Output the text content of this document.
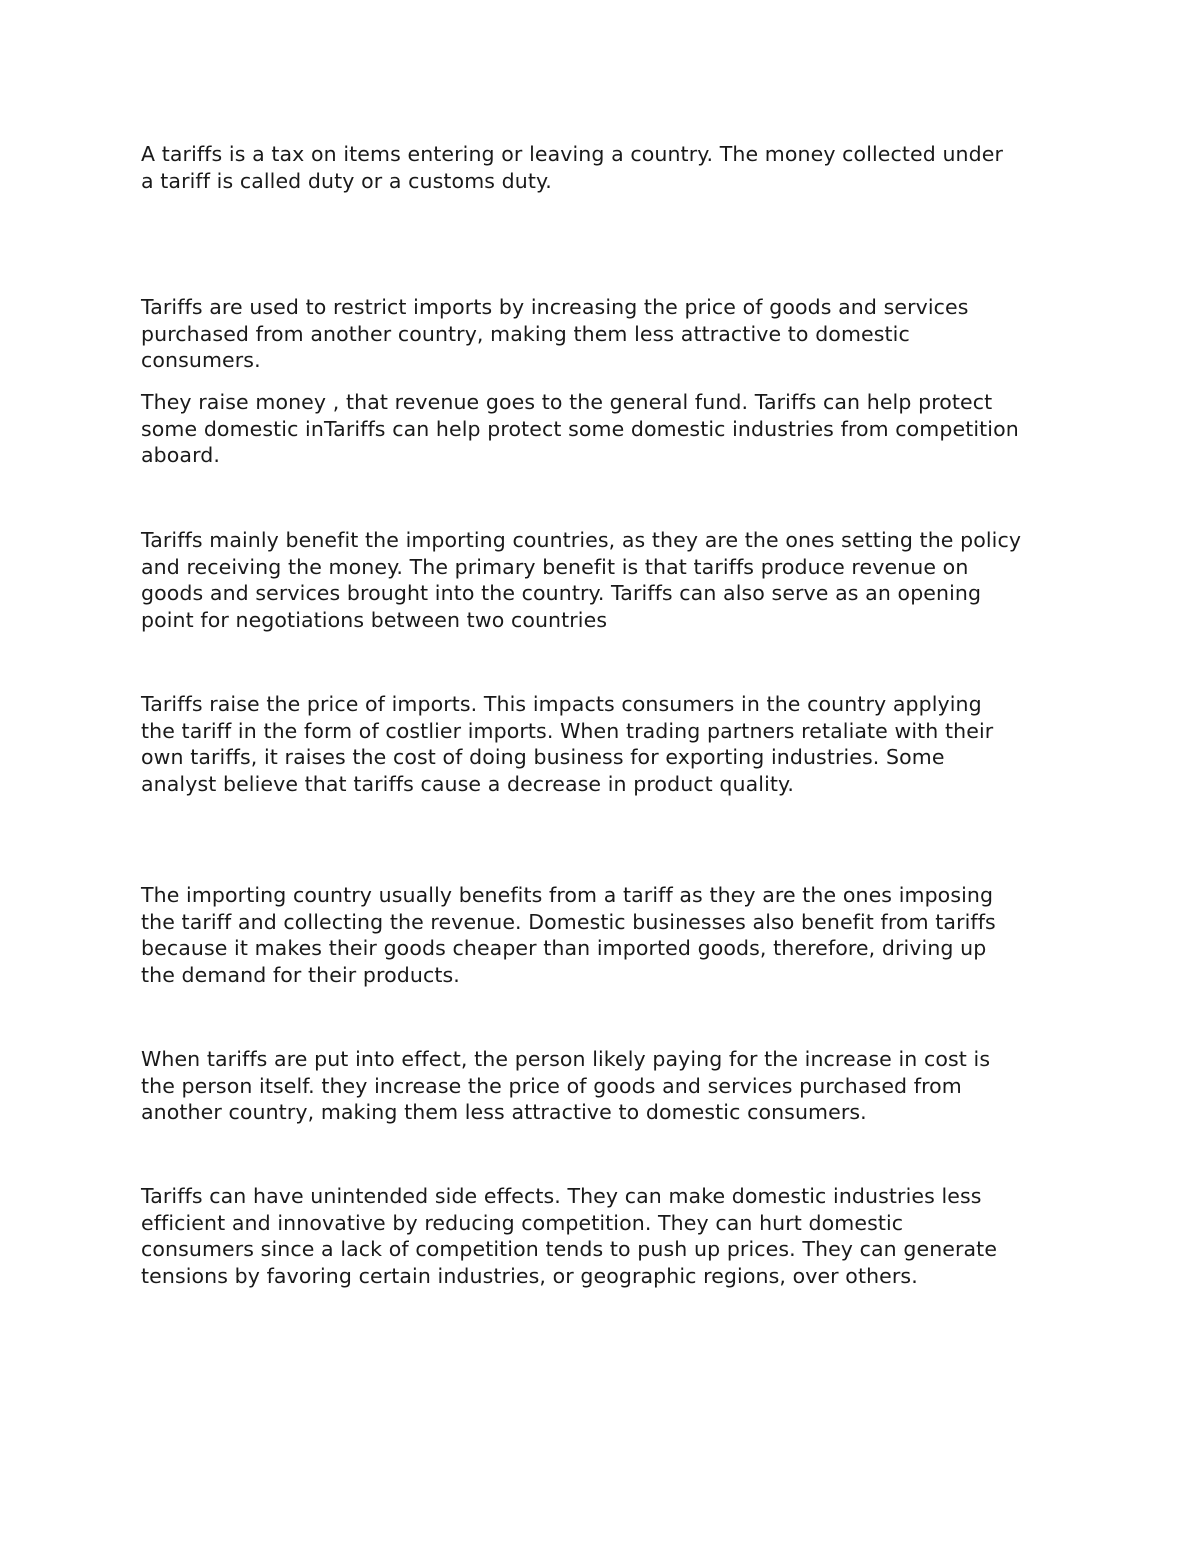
A tariffs is a tax on items entering or leaving a country. The money collected under
a tariff is called duty or a customs duty.

Tariffs are used to restrict imports by increasing the price of goods and services
purchased from another country, making them less attractive to domestic
consumers.

They raise money , that revenue goes to the general fund. Tariffs can help protect
some domestic inTariffs can help protect some domestic industries from competition
aboard.

Tariffs mainly benefit the importing countries, as they are the ones setting the policy
and receiving the money. The primary benefit is that tariffs produce revenue on
goods and services brought into the country. Tariffs can also serve as an opening
point for negotiations between two countries

Tariffs raise the price of imports. This impacts consumers in the country applying
the tariff in the form of costlier imports. When trading partners retaliate with their
own tariffs, it raises the cost of doing business for exporting industries. Some
analyst believe that tariffs cause a decrease in product quality.

The importing country usually benefits from a tariff as they are the ones imposing
the tariff and collecting the revenue. Domestic businesses also benefit from tariffs
because it makes their goods cheaper than imported goods, therefore, driving up
the demand for their products.

When tariffs are put into effect, the person likely paying for the increase in cost is
the person itself. they increase the price of goods and services purchased from
another country, making them less attractive to domestic consumers.

Tariffs can have unintended side effects. They can make domestic industries less
efficient and innovative by reducing competition. They can hurt domestic
consumers since a lack of competition tends to push up prices. They can generate
tensions by favoring certain industries, or geographic regions, over others.
